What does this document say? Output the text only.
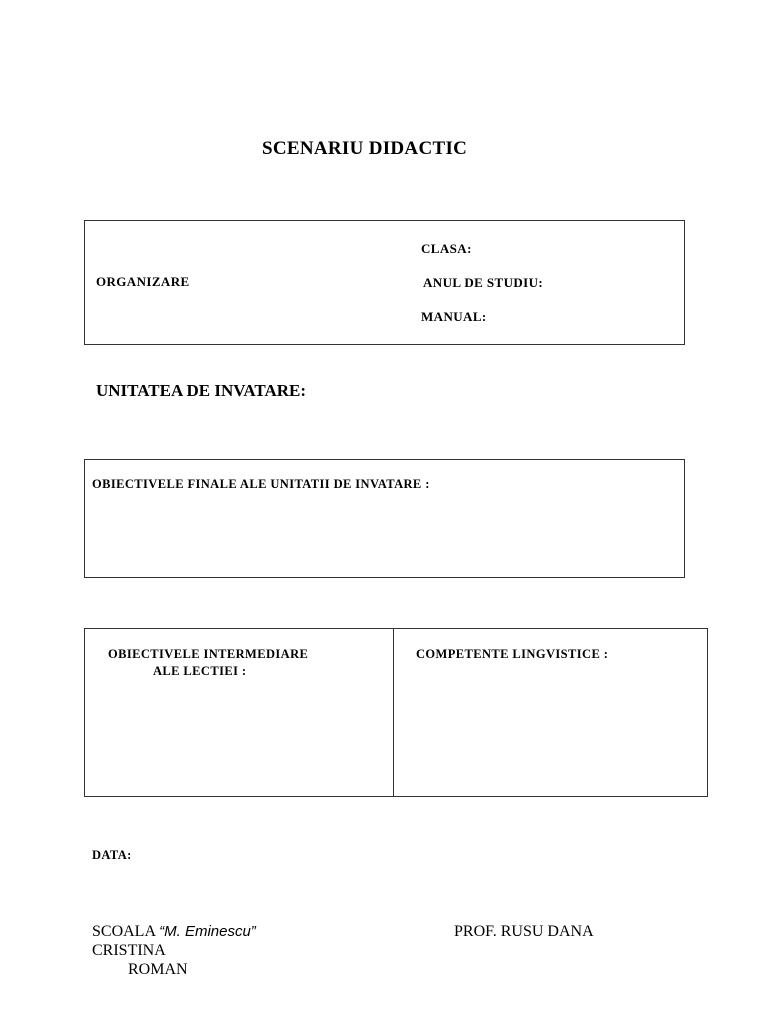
SCENARIU DIDACTIC
ORGANIZARE
CLASA:
ANUL DE STUDIU:
MANUAL:
UNITATEA DE INVATARE:
OBIECTIVELE FINALE ALE UNITATII DE INVATARE :
OBIECTIVELE INTERMEDIARE
ALE LECTIEI :
COMPETENTE LINGVISTICE :
DATA:
SCOALA “M. Eminescu”
CRISTINA
ROMAN
PROF. RUSU DANA
